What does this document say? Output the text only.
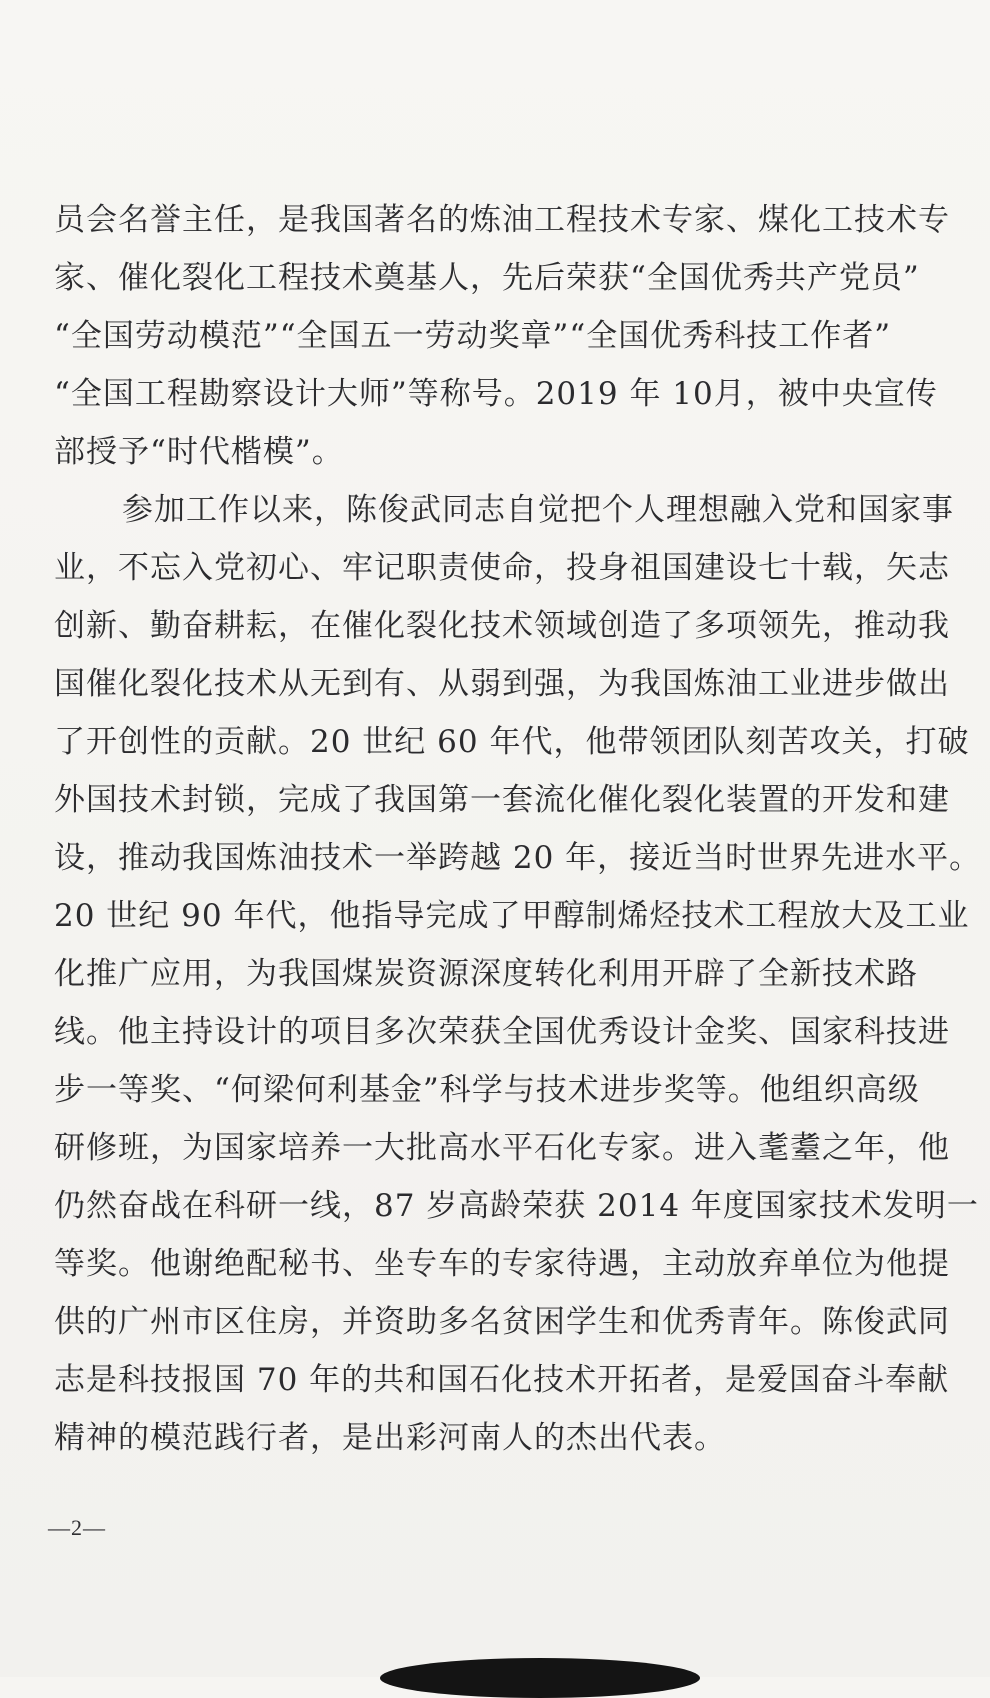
员会名誉主任，是我国著名的炼油工程技术专家、煤化工技术专
家、催化裂化工程技术奠基人，先后荣获“全国优秀共产党员”
“全国劳动模范”“全国五一劳动奖章”“全国优秀科技工作者”
“全国工程勘察设计大师”等称号。2019 年 10月，被中央宣传
部授予“时代楷模”。
参加工作以来，陈俊武同志自觉把个人理想融入党和国家事
业，不忘入党初心、牢记职责使命，投身祖国建设七十载，矢志
创新、勤奋耕耘，在催化裂化技术领域创造了多项领先，推动我
国催化裂化技术从无到有、从弱到强，为我国炼油工业进步做出
了开创性的贡献。20 世纪 60 年代，他带领团队刻苦攻关，打破
外国技术封锁，完成了我国第一套流化催化裂化装置的开发和建
设，推动我国炼油技术一举跨越 20 年，接近当时世界先进水平。
20 世纪 90 年代，他指导完成了甲醇制烯烃技术工程放大及工业
化推广应用，为我国煤炭资源深度转化利用开辟了全新技术路
线。他主持设计的项目多次荣获全国优秀设计金奖、国家科技进
步一等奖、“何梁何利基金”科学与技术进步奖等。他组织高级
研修班，为国家培养一大批高水平石化专家。进入耄耋之年，他
仍然奋战在科研一线，87 岁高龄荣获 2014 年度国家技术发明一
等奖。他谢绝配秘书、坐专车的专家待遇，主动放弃单位为他提
供的广州市区住房，并资助多名贫困学生和优秀青年。陈俊武同
志是科技报国 70 年的共和国石化技术开拓者，是爱国奋斗奉献
精神的模范践行者，是出彩河南人的杰出代表。
—2—
